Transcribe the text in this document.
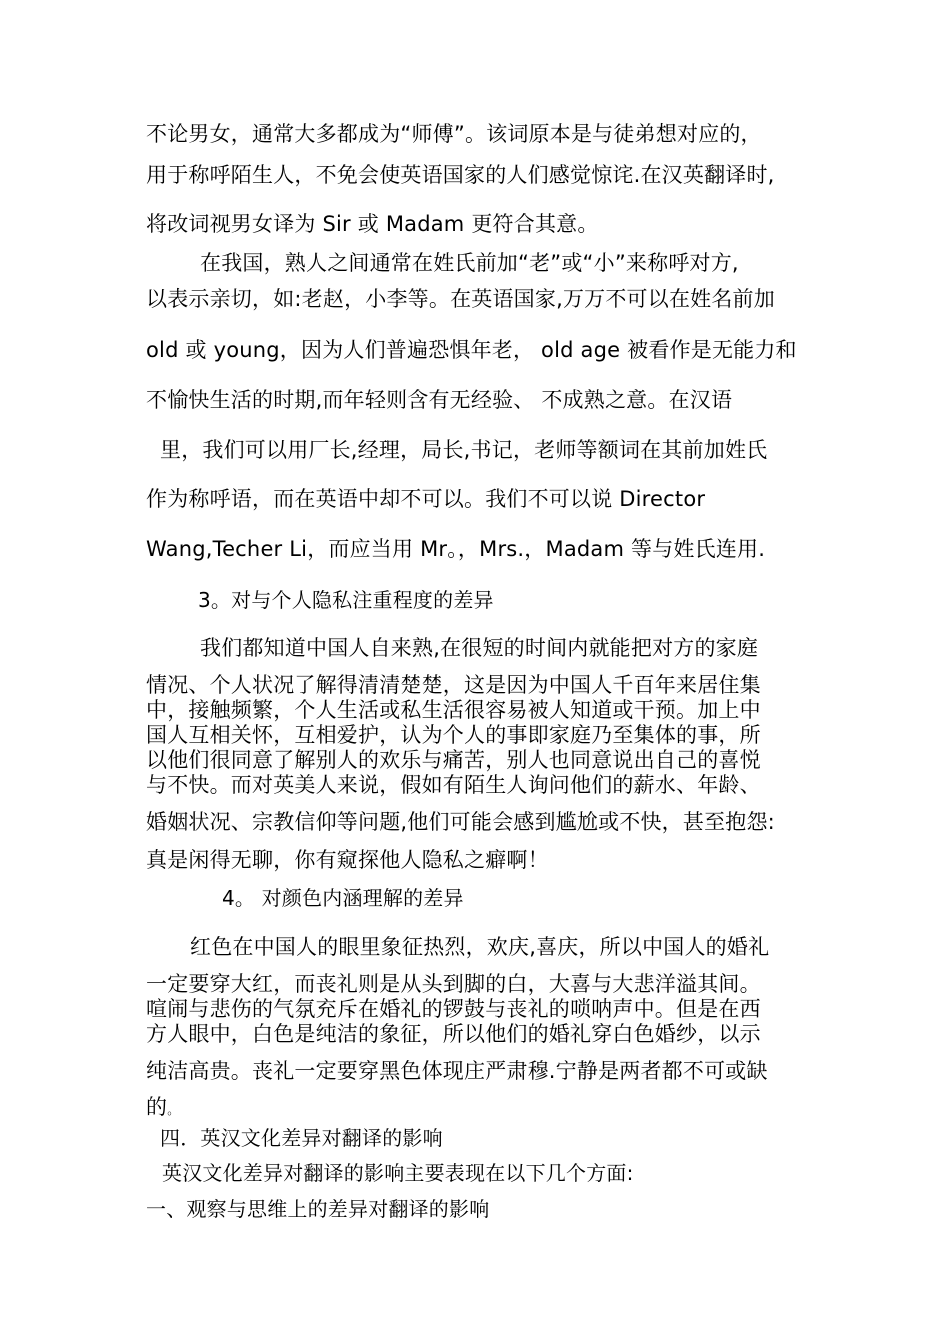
不论男女，通常大多都成为“师傅”。该词原本是与徒弟想对应的，
用于称呼陌生人，不免会使英语国家的人们感觉惊诧.在汉英翻译时,
将改词视男女译为 Sir 或 Madam 更符合其意。
在我国，熟人之间通常在姓氏前加“老”或“小”来称呼对方,
以表示亲切，如:老赵，小李等。在英语国家,万万不可以在姓名前加
old 或 young，因为人们普遍恐惧年老， old age 被看作是无能力和
不愉快生活的时期,而年轻则含有无经验、 不成熟之意。在汉语
里，我们可以用厂长,经理，局长,书记，老师等额词在其前加姓氏
作为称呼语，而在英语中却不可以。我们不可以说 Director
Wang,Techer Li，而应当用 Mr。，Mrs.，Madam 等与姓氏连用.
3。对与个人隐私注重程度的差异
我们都知道中国人自来熟,在很短的时间内就能把对方的家庭
情况、个人状况了解得清清楚楚，这是因为中国人千百年来居住集
中，接触频繁，个人生活或私生活很容易被人知道或干预。加上中
国人互相关怀，互相爱护，认为个人的事即家庭乃至集体的事，所
以他们很同意了解别人的欢乐与痛苦，别人也同意说出自己的喜悦
与不快。而对英美人来说，假如有陌生人询问他们的薪水、年龄、
婚姻状况、宗教信仰等问题,他们可能会感到尴尬或不快，甚至抱怨:
真是闲得无聊，你有窥探他人隐私之癖啊！
4。 对颜色内涵理解的差异
红色在中国人的眼里象征热烈，欢庆,喜庆，所以中国人的婚礼
一定要穿大红，而丧礼则是从头到脚的白，大喜与大悲洋溢其间。
喧闹与悲伤的气氛充斥在婚礼的锣鼓与丧礼的唢呐声中。但是在西
方人眼中，白色是纯洁的象征，所以他们的婚礼穿白色婚纱，以示
纯洁高贵。丧礼一定要穿黑色体现庄严肃穆.宁静是两者都不可或缺
的。
四．英汉文化差异对翻译的影响
英汉文化差异对翻译的影响主要表现在以下几个方面:
一、观察与思维上的差异对翻译的影响
